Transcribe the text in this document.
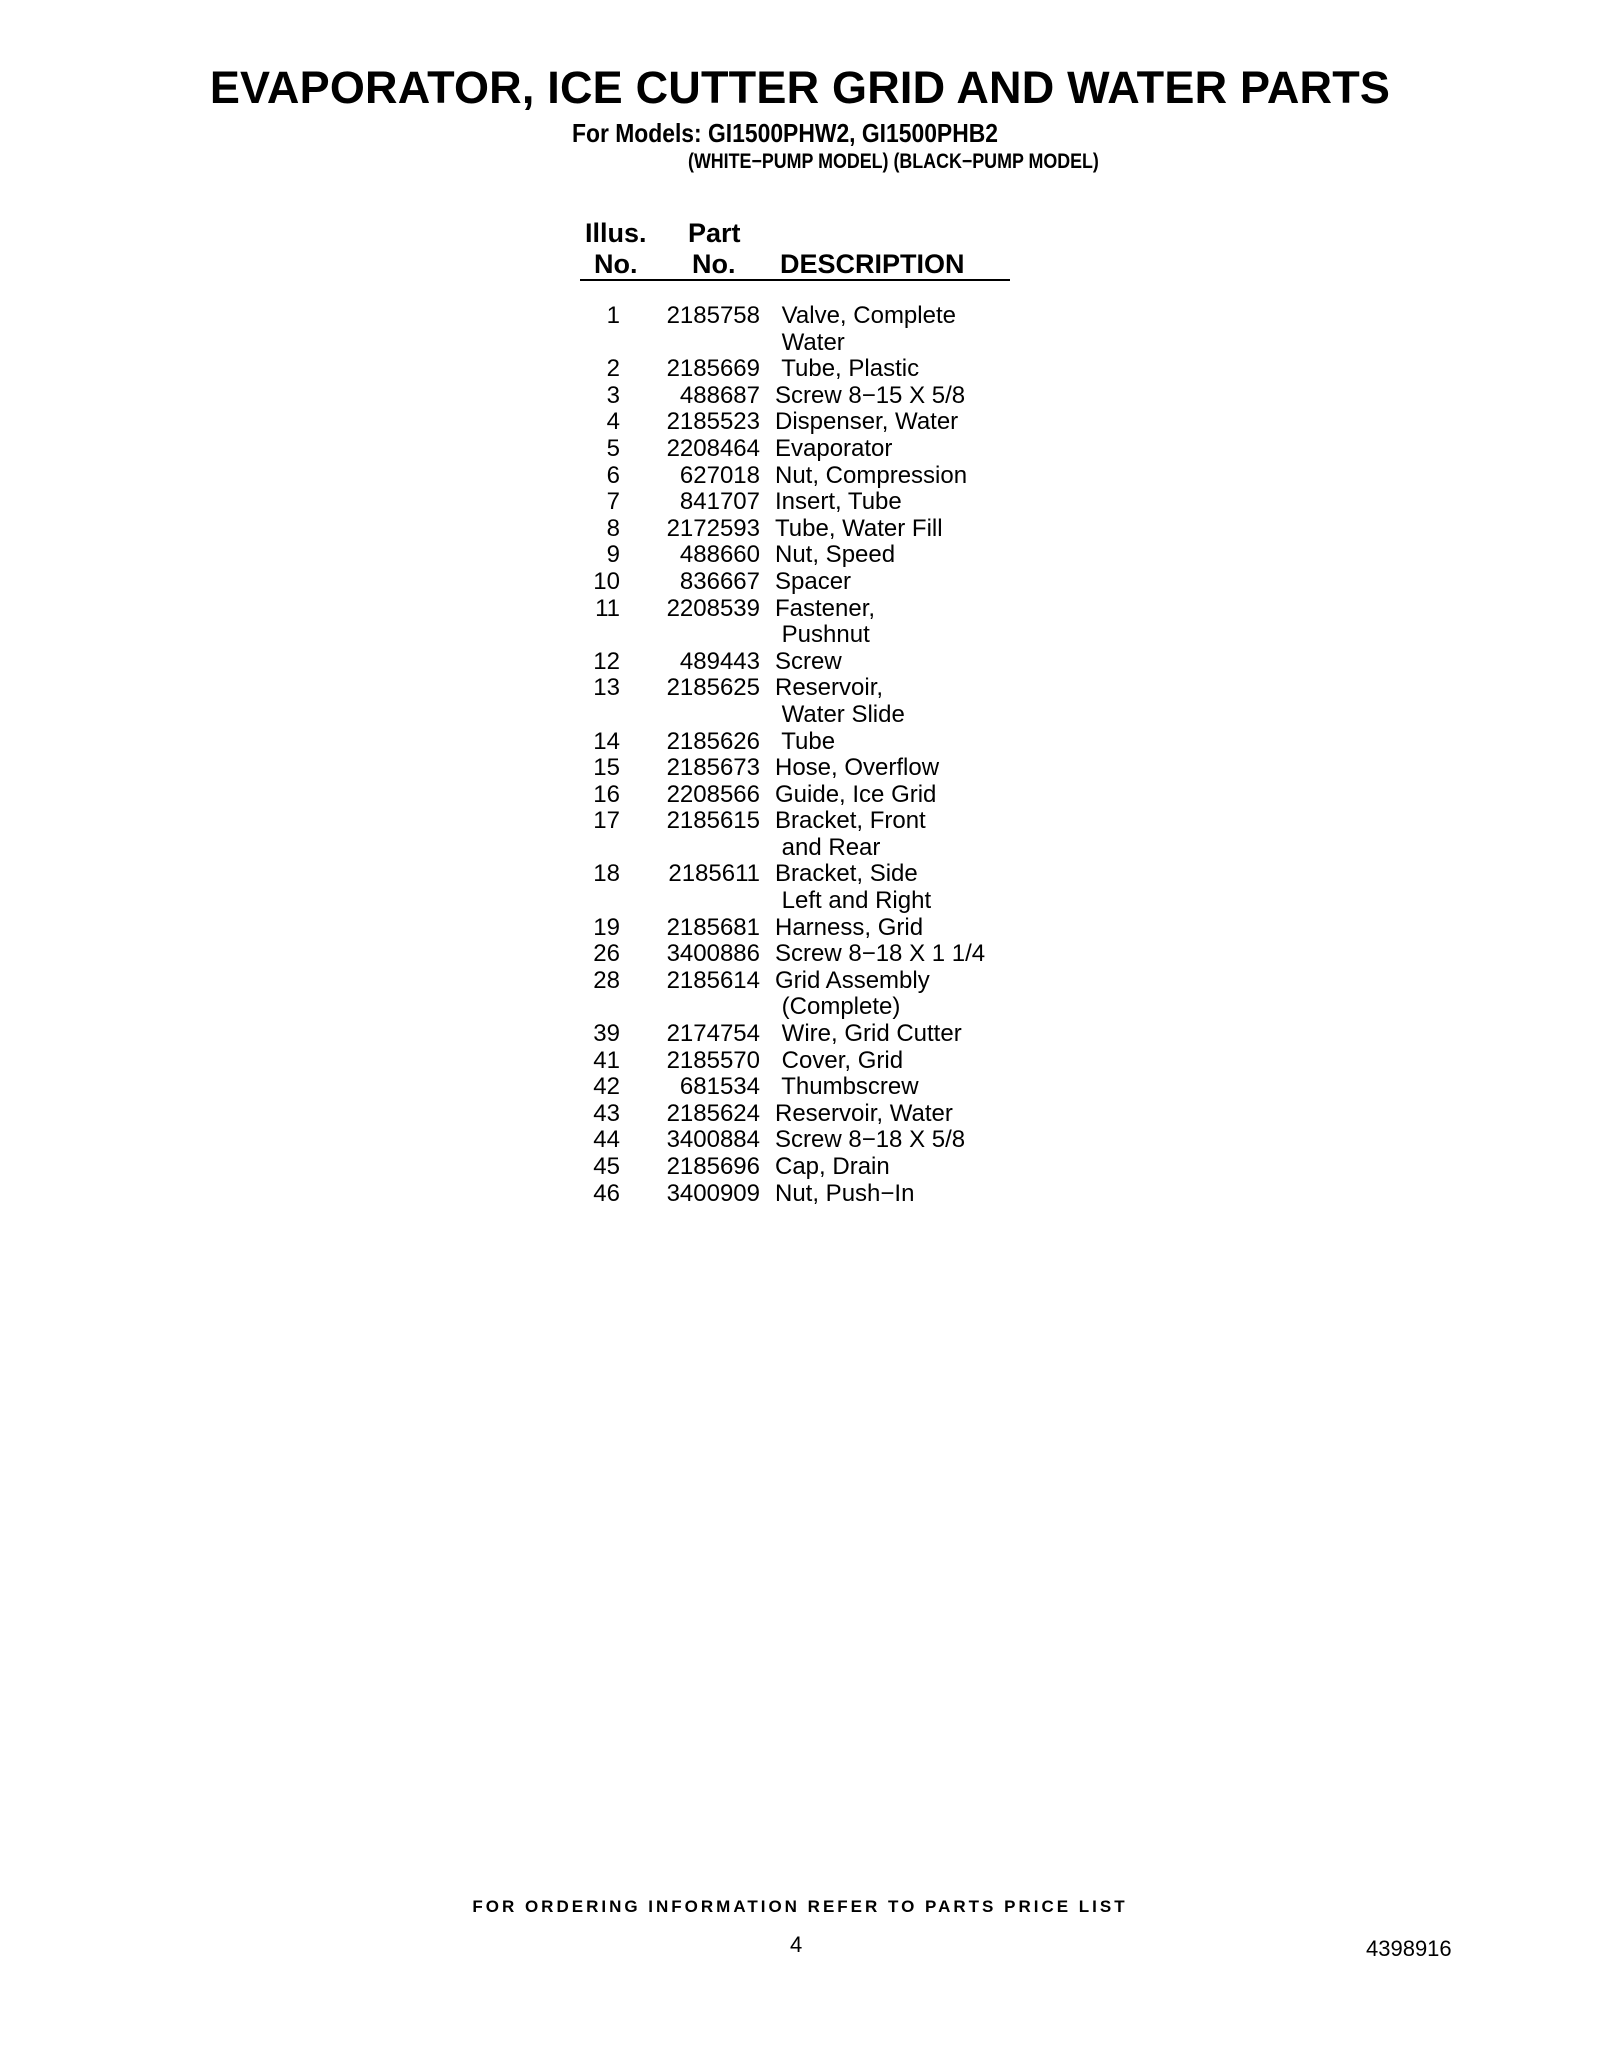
EVAPORATOR, ICE CUTTER GRID AND WATER PARTS
For Models: GI1500PHW2, GI1500PHB2
(WHITE−PUMP MODEL) (BLACK−PUMP MODEL)
Illus.
No.
Part
No. DESCRIPTION
1	2185758 Valve, Complete
Water
2	2185669 Tube, Plastic
3	488687 Screw 8−15 X 5/8
4	2185523 Dispenser, Water
5	2208464 Evaporator
6	627018 Nut, Compression
7	841707 Insert, Tube
8	2172593 Tube, Water Fill
9	488660 Nut, Speed
10	836667 Spacer
11	2208539 Fastener,
Pushnut
12	489443 Screw
13	2185625 Reservoir,
Water Slide
14	2185626 Tube
15	2185673 Hose, Overflow
16	2208566 Guide, Ice Grid
17	2185615 Bracket, Front
and Rear
18	2185611 Bracket, Side
Left and Right
19	2185681 Harness, Grid
26	3400886 Screw 8−18 X 1 1/4
28	2185614 Grid Assembly
(Complete)
39	2174754 Wire, Grid Cutter
41	2185570 Cover, Grid
42	681534 Thumbscrew
43	2185624 Reservoir, Water
44	3400884 Screw 8−18 X 5/8
45	2185696 Cap, Drain
46	3400909 Nut, Push−In
FOR ORDERING INFORMATION REFER TO PARTS PRICE LIST
4	4398916
